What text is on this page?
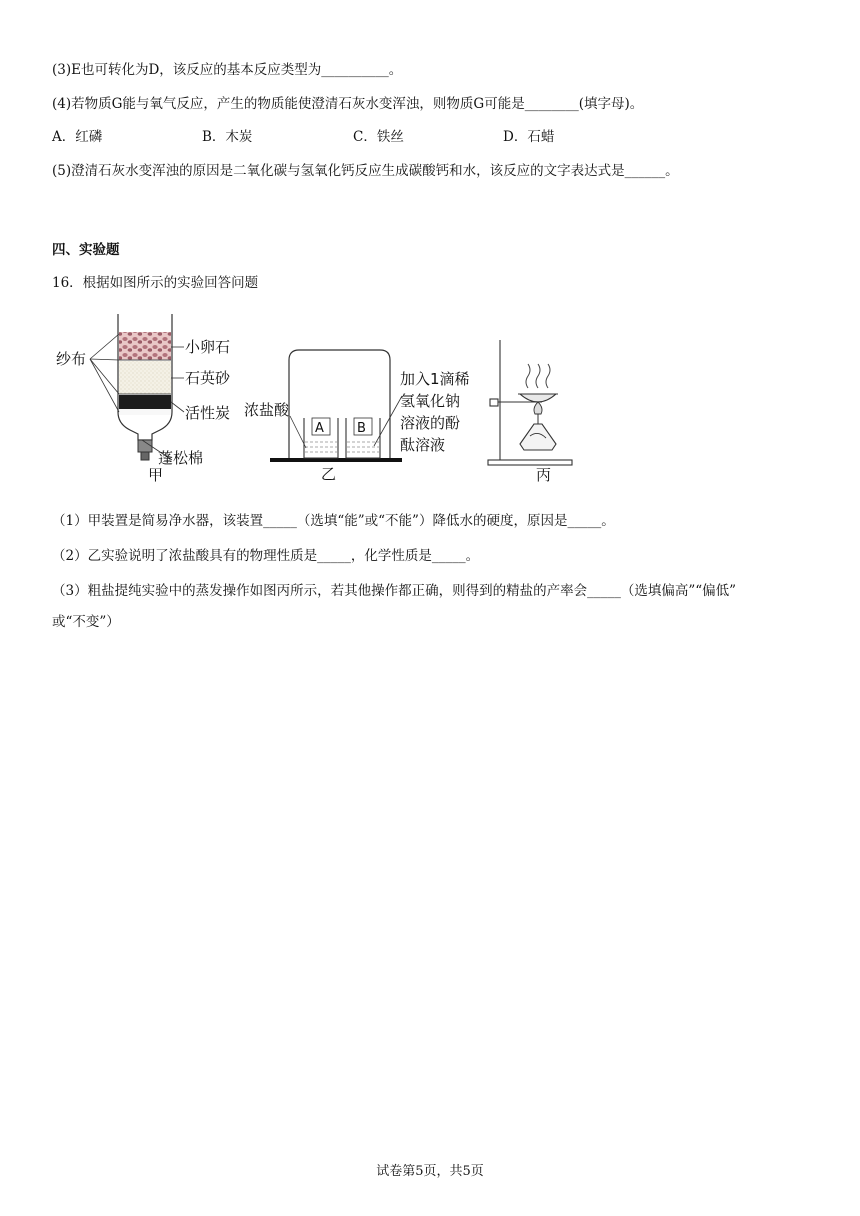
(3)E也可转化为D，该反应的基本反应类型为__________。
(4)若物质G能与氧气反应，产生的物质能使澄清石灰水变浑浊，则物质G可能是________(填字母)。
A．红磷	B．木炭	C．铁丝	D．石蜡
(5)澄清石灰水变浑浊的原因是二氧化碳与氢氧化钙反应生成碳酸钙和水，该反应的文字表达式是______。
四、实验题
16．根据如图所示的实验回答问题
纱布
小卵石
石英砂
活性炭
蓬松棉
甲
A	B
浓盐酸
加入1滴稀
氢氧化钠
溶液的酚
酞溶液
乙	丙
（1）甲装置是简易净水器，该装置_____（选填“能”或“不能”）降低水的硬度，原因是_____。
（2）乙实验说明了浓盐酸具有的物理性质是_____，化学性质是_____。
（3）粗盐提纯实验中的蒸发操作如图丙所示，若其他操作都正确，则得到的精盐的产率会_____（选填偏高”“偏低”
或“不变”）
试卷第5页，共5页
